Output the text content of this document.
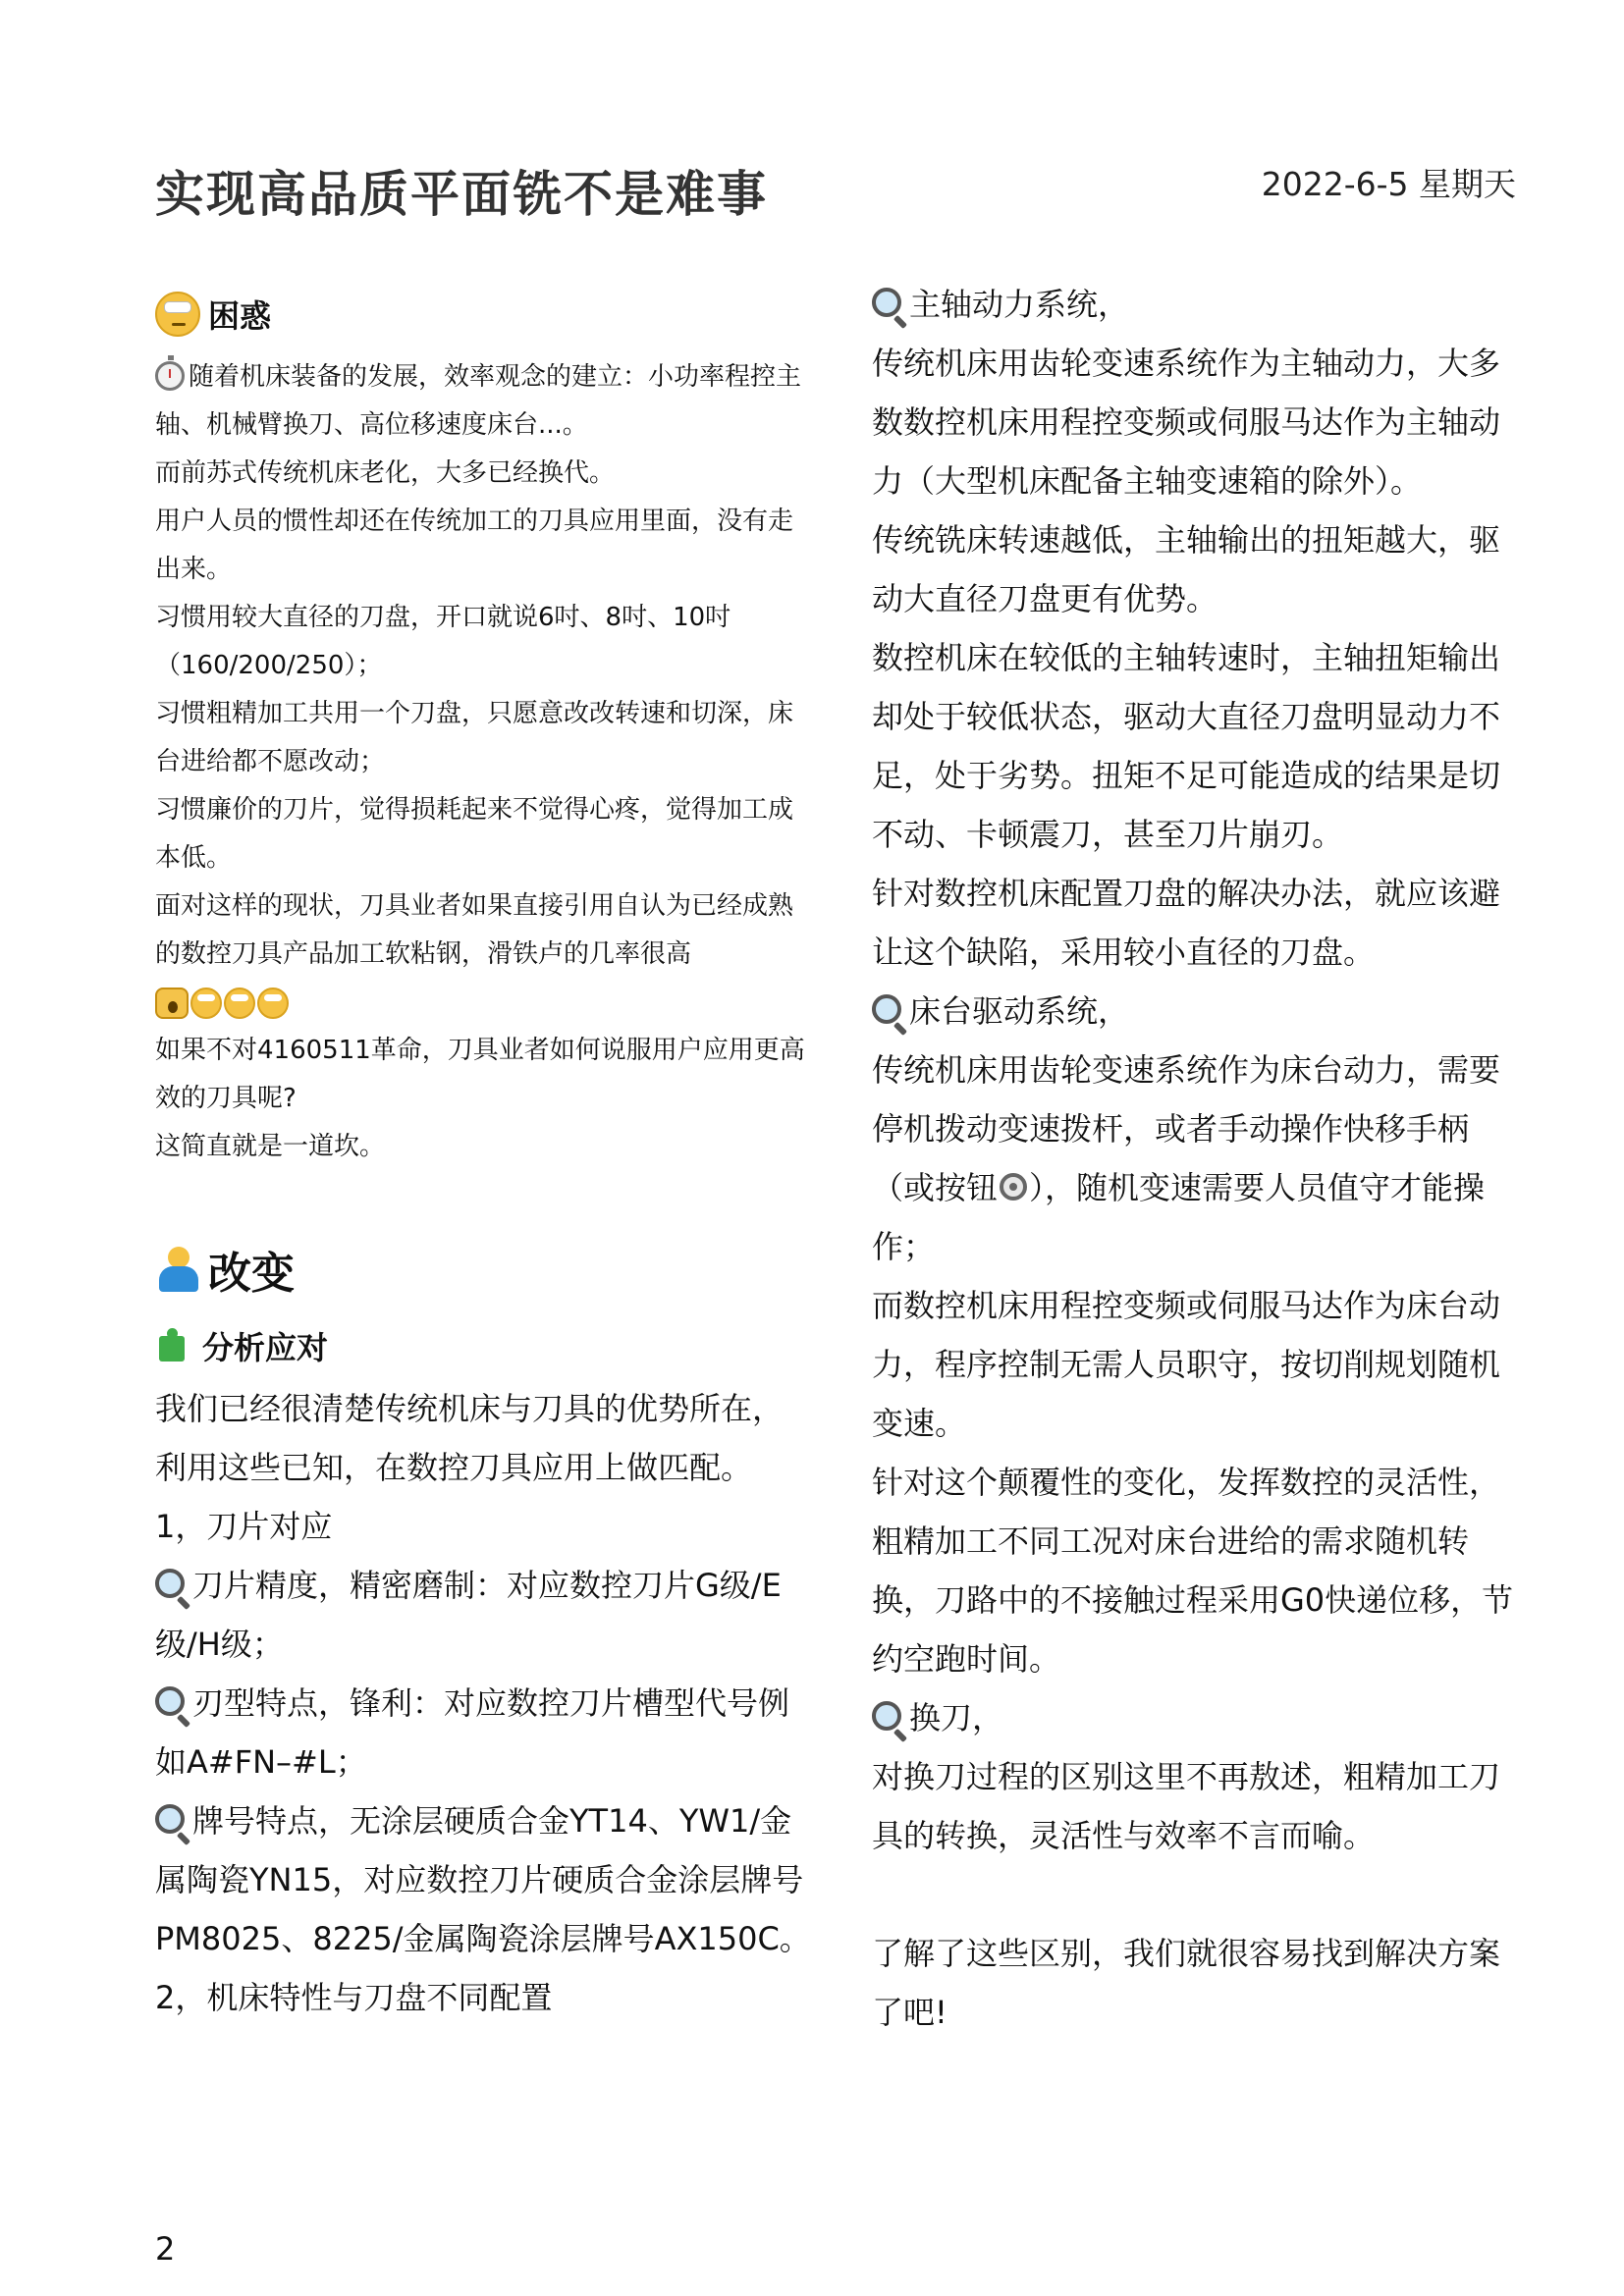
实现高品质平面铣不是难事	2022-6-5 星期天
困惑

随着机床装备的发展，效率观念的建立：小功率程控主轴、机械臂换刀、高位移速度床台...。

而前苏式传统机床老化，大多已经换代。

用户人员的惯性却还在传统加工的刀具应用里面，没有走出来。

习惯用较大直径的刀盘，开口就说6吋、8吋、10吋（160/200/250）；

习惯粗精加工共用一个刀盘，只愿意改改转速和切深，床台进给都不愿改动；

习惯廉价的刀片，觉得损耗起来不觉得心疼，觉得加工成本低。

面对这样的现状，刀具业者如果直接引用自认为已经成熟的数控刀具产品加工软粘钢，滑铁卢的几率很高

如果不对4160511革命，刀具业者如何说服用户应用更高效的刀具呢?

这简直就是一道坎。

改变
分析应对

我们已经很清楚传统机床与刀具的优势所在，利用这些已知，在数控刀具应用上做匹配。

1，刀片对应

刀片精度，精密磨制：对应数控刀片G级/E级/H级；

刃型特点，锋利：对应数控刀片槽型代号例如A#FN–#L；

牌号特点，无涂层硬质合金YT14、YW1/金属陶瓷YN15，对应数控刀片硬质合金涂层牌号PM8025、8225/金属陶瓷涂层牌号AX150C。

2，机床特性与刀盘不同配置

主轴动力系统，

传统机床用齿轮变速系统作为主轴动力，大多数数控机床用程控变频或伺服马达作为主轴动力（大型机床配备主轴变速箱的除外）。

传统铣床转速越低，主轴输出的扭矩越大，驱动大直径刀盘更有优势。

数控机床在较低的主轴转速时，主轴扭矩输出却处于较低状态，驱动大直径刀盘明显动力不足，处于劣势。扭矩不足可能造成的结果是切不动、卡顿震刀，甚至刀片崩刃。

针对数控机床配置刀盘的解决办法，就应该避让这个缺陷，采用较小直径的刀盘。

床台驱动系统，

传统机床用齿轮变速系统作为床台动力，需要停机拨动变速拨杆，或者手动操作快移手柄（或按钮 ），随机变速需要人员值守才能操作；

而数控机床用程控变频或伺服马达作为床台动力，程序控制无需人员职守，按切削规划随机变速。

针对这个颠覆性的变化，发挥数控的灵活性，粗精加工不同工况对床台进给的需求随机转换，刀路中的不接触过程采用G0快递位移，节约空跑时间。

换刀，

对换刀过程的区别这里不再敖述，粗精加工刀具的转换，灵活性与效率不言而喻。

了解了这些区别，我们就很容易找到解决方案了吧!

2
